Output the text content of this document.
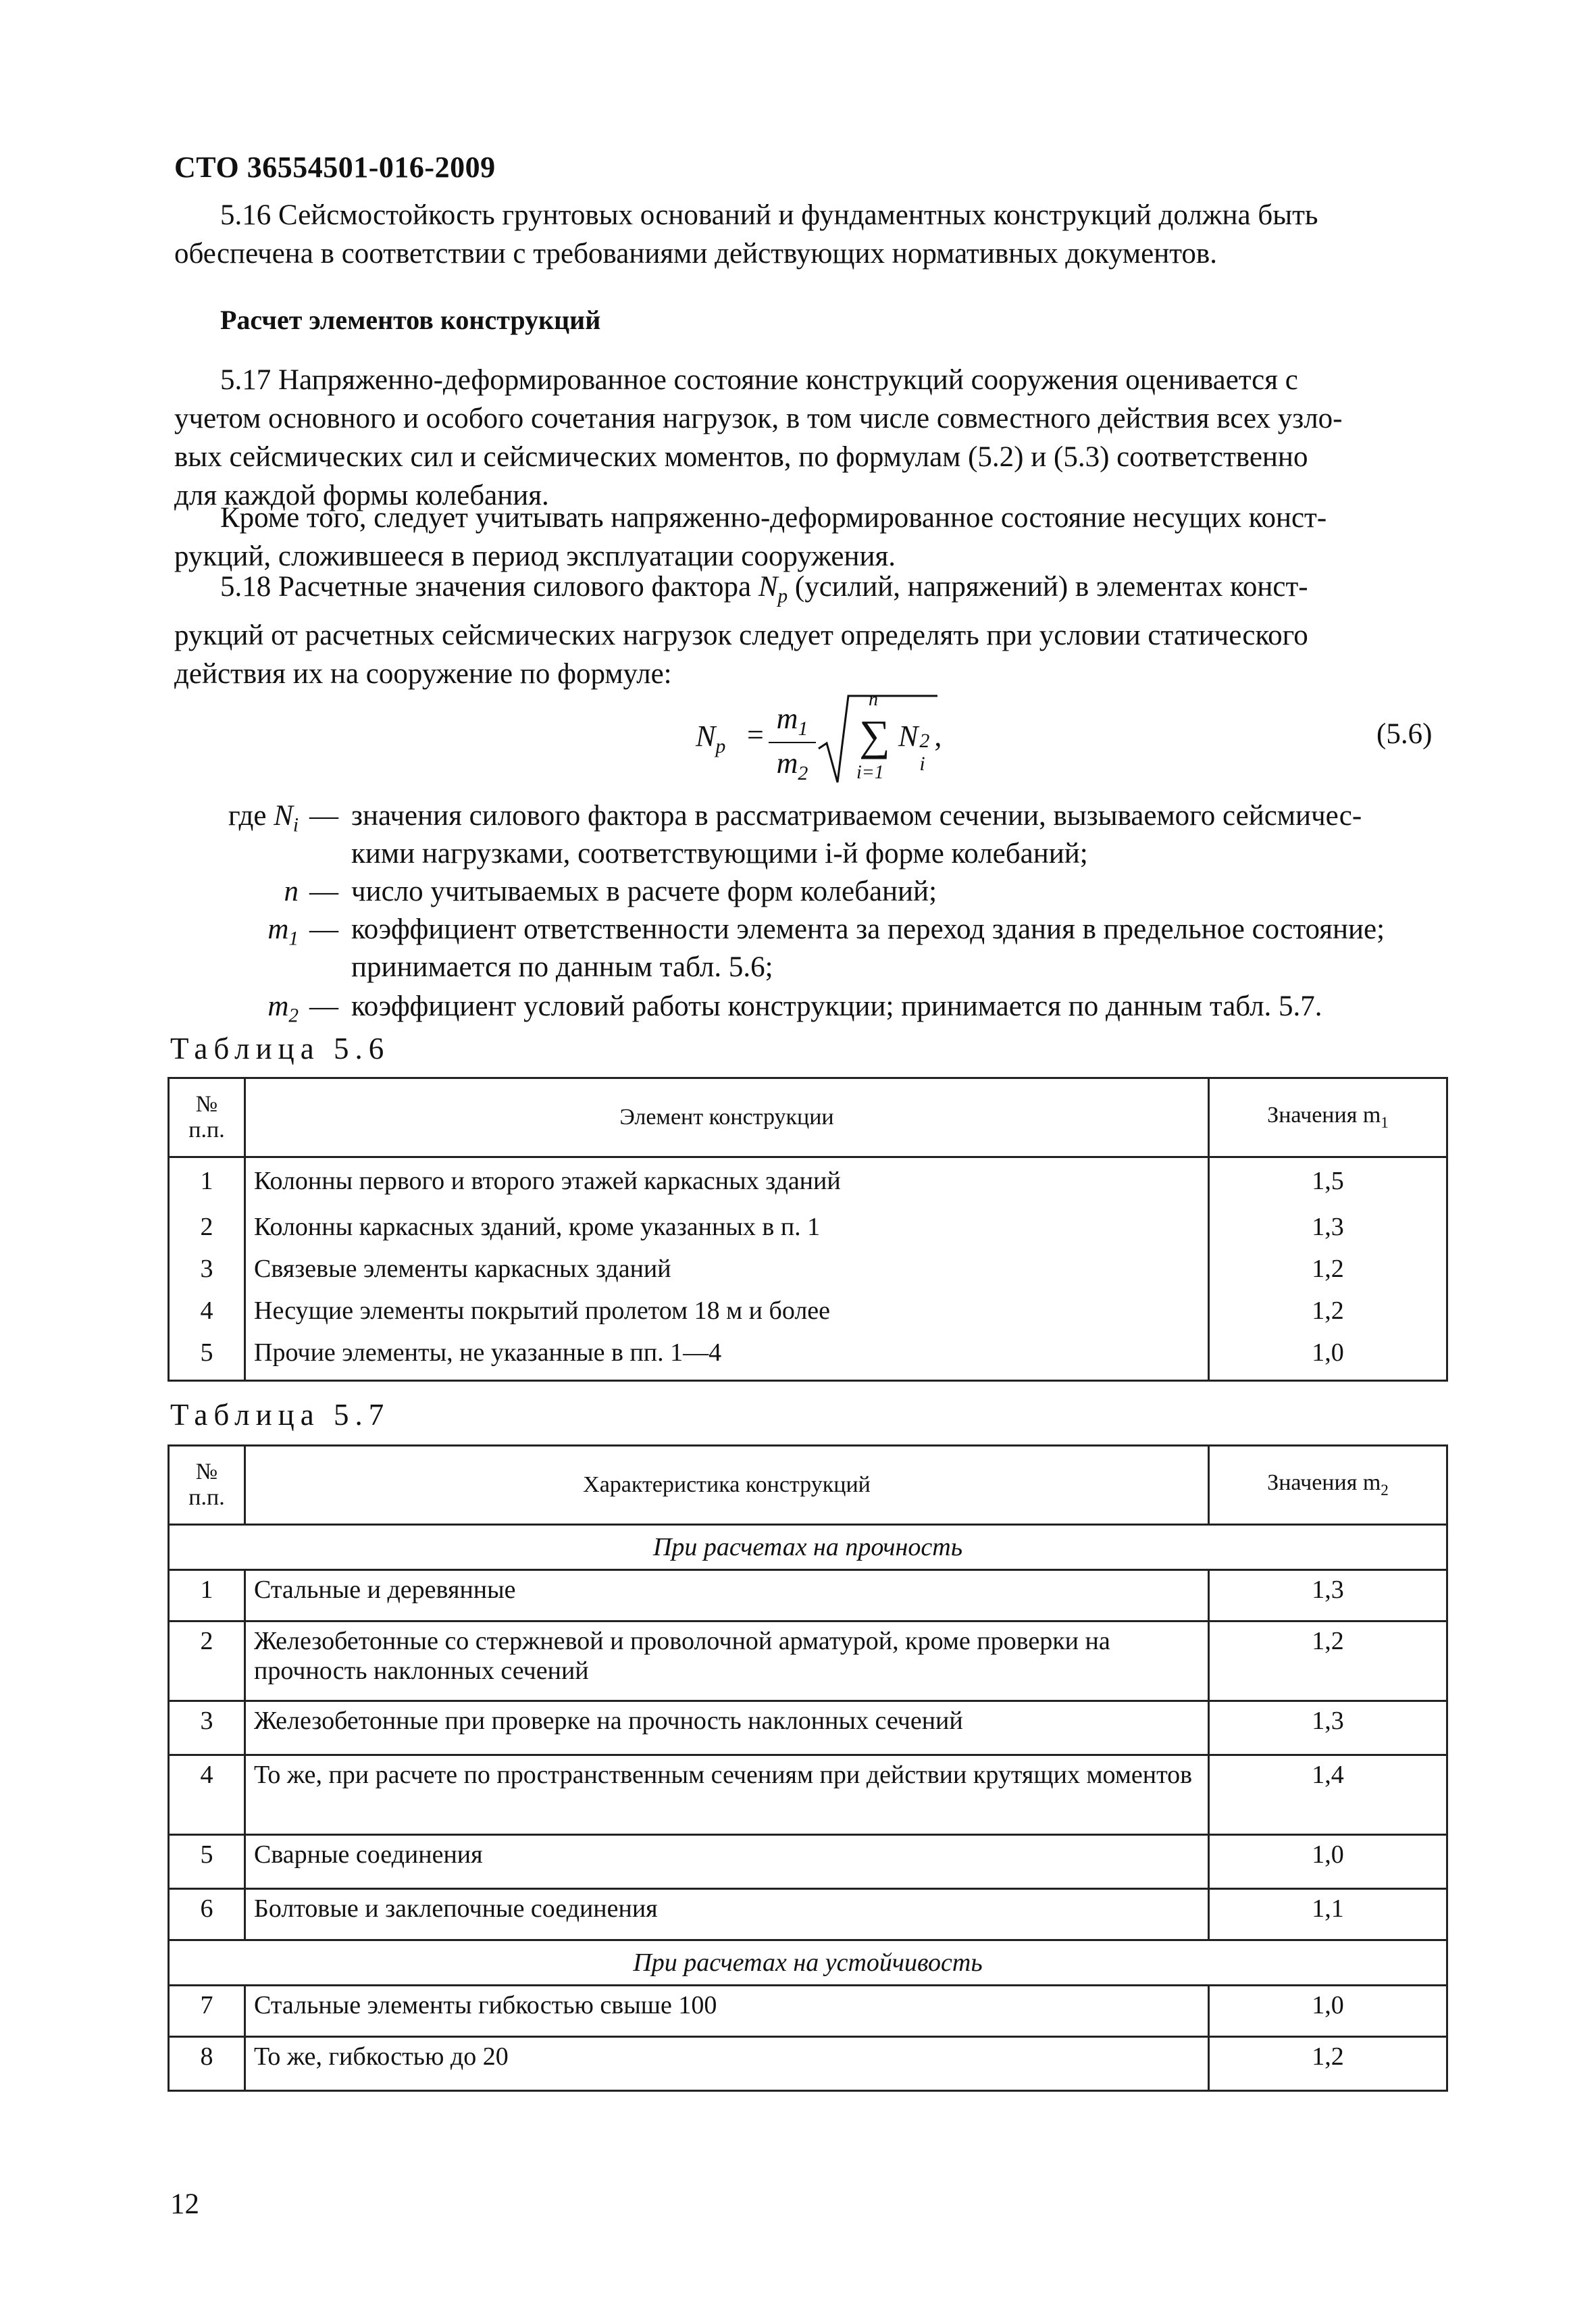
СТО 36554501-016-2009
5.16 Сейсмостойкость грунтовых оснований и фундаментных конструкций должна быть
обеспечена в соответствии с требованиями действующих нормативных документов.
Расчет элементов конструкций
5.17 Напряженно-деформированное состояние конструкций сооружения оценивается с
учетом основного и особого сочетания нагрузок, в том числе совместного действия всех узло-
вых сейсмических сил и сейсмических моментов, по формулам (5.2) и (5.3) соответственно
для каждой формы колебания.
Кроме того, следует учитывать напряженно-деформированное состояние несущих конст-
рукций, сложившееся в период эксплуатации сооружения.
5.18 Расчетные значения силового фактора $N_p$ (усилий, напряжений) в элементах конст-
рукций от расчетных сейсмических нагрузок следует определять при условии статического
действия их на сооружение по формуле:
$N_p = \frac{m_1}{m_2}$
n
∑
i=1
N 2
i
,	(5.6)
где $N_i$ — значения силового фактора в рассматриваемом сечении, вызываемого сейсмичес-
кими нагрузками, соответствующими i-й форме колебаний;
n — число учитываемых в расчете форм колебаний;
$m_1$ — коэффициент ответственности элемента за переход здания в предельное состояние;
принимается по данным табл. 5.6;
$m_2$ — коэффициент условий работы конструкции; принимается по данным табл. 5.7.
Таблица 5.6
№
п.п.	Элемент конструкции	Значения $m_1$
1	Колонны первого и второго этажей каркасных зданий	1,5
2	Колонны каркасных зданий, кроме указанных в п. 1	1,3
3	Связевые элементы каркасных зданий	1,2
4	Несущие элементы покрытий пролетом 18 м и более	1,2
5	Прочие элементы, не указанные в пп. 1—4	1,0
Таблица 5.7
№
п.п.	Характеристика конструкций	Значения $m_2$
При расчетах на прочность		
1	Стальные и деревянные	1,3
2	Железобетонные со стержневой и проволочной арматурой, кроме проверки на прочность наклонных сечений	1,2
3	Железобетонные при проверке на прочность наклонных сечений	1,3
4	То же, при расчете по пространственным сечениям при действии крутящих моментов	1,4
5	Сварные соединения	1,0
6	Болтовые и заклепочные соединения	1,1
При расчетах на устойчивость		
7	Стальные элементы гибкостью свыше 100	1,0
8	То же, гибкостью до 20	1,2
12
